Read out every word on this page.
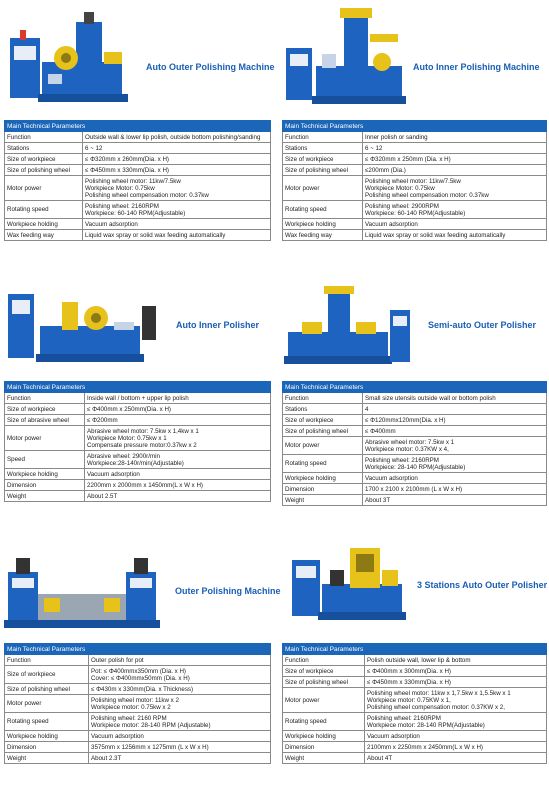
Auto Outer Polishing Machine
Main Technical Parameters	
Function	Outside wall & lower lip polish, outside bottom polishing/sanding

Stations	6 ~ 12

Size of workpiece	≤ Φ320mm x 260mm(Dia. x H)

Size of polishing wheel	≤ Φ450mm x 330mm(Dia. x H)

Motor power	Polishing wheel motor: 11kw/7.5kw
Workpiece Motor: 0.75kw
Polishing wheel compensation motor: 0.37kw

Rotating speed	Polishing wheel: 2160RPM
Workpiece: 60-140 RPM(Adjustable)

Workpiece holding	Vacuum adsorption

Wax feeding way	Liquid wax spray or solid wax feeding automatically
Auto Inner Polishing Machine
Main Technical Parameters	
Function	Inner polish or sanding

Stations	6 ~ 12

Size of workpiece	≤ Φ320mm x 250mm (Dia. x H)

Size of polishing wheel	≤200mm (Dia.)

Motor power	Polishing wheel motor: 11kw/7.5kw
Workpiece Motor: 0.75kw
Polishing wheel compensation motor: 0.37kw

Rotating speed	Polishing wheel: 2900RPM
Workpiece: 60-140 RPM(Adjustable)

Workpiece holding	Vacuum adsorption

Wax feeding way	Liquid wax spray or solid wax feeding automatically
Auto Inner Polisher
Main Technical Parameters	
Function	Inside wall / bottom + upper lip polish

Size of workpiece	≤ Φ400mm x 250mm(Dia. x H)

Size of abrasive wheel	≤ Φ200mm

Motor power	Abrasive wheel motor: 7.5kw x 1,4kw x 1
Workpiece Motor: 0.75kw x 1
Compensate pressure motor:0.37kw x 2

Speed	Abrasive wheel: 2900r/min
Workpiece:28-140r/min(Adjustable)

Workpiece holding	Vacuum adsorption

Dimension	2200mm x 2000mm x 1450mm(L x W x H)

Weight	About 2.5T
Semi-auto Outer Polisher
Main Technical Parameters	
Function	Small size utensils outside wall or bottom polish

Stations	4

Size of workpiece	≤ Φ120mmx120mm(Dia. x H)

Size of polishing wheel	≤ Φ400mm

Motor power	Abrasive wheel motor: 7.5kw x 1
Workpiece motor: 0.37KW x 4,

Rotating speed	Polishing wheel: 2160RPM
Workpiece: 28-140 RPM(Adjustable)

Workpiece holding	Vacuum adsorption

Dimension	1700 x 2100 x 2100mm (L x W x H)

Weight	About 3T
Outer Polishing Machine
Main Technical Parameters	
Function	Outer polish for pot

Size of workpiece	Pot: ≤ Φ400mmx350mm (Dia. x H)
Cover: ≤ Φ400mmx50mm (Dia. x H)

Size of polishing wheel	≤ Φ430m x 330mm(Dia. x Thickness)

Motor power	Polishing wheel motor: 11kw x 2
Workpiece motor: 0.75kw x 2

Rotating speed	Polishing wheel: 2160 RPM
Workpiece motor: 28-140 RPM (Adjustable)

Workpiece holding	Vacuum adsorption

Dimension	3575mm x 1256mm x 1275mm (L x W x H)

Weight	About 2.3T
3 Stations Auto Outer Polisher
Main Technical Parameters	
Function	Polish outside wall, lower lip & bottom

Size of workpiece	≤ Φ400mm x 300mm(Dia. x H)

Size of polishing wheel	≤ Φ450mm x 330mm(Dia. x H)

Motor power	Polishing wheel motor: 11kw x 1,7.5kw x 1,5.5kw x 1
Workpiece motor: 0.75KW x 1,
Polishing wheel compensation motor: 0.37KW x 2,

Rotating speed	Polishing wheel: 2160RPM
Workpiece motor: 28-140 RPM(Adjustable)

Workpiece holding	Vacuum adsorption

Dimension	2100mm x 2250mm x 2450mm(L x W x H)

Weight	About 4T
